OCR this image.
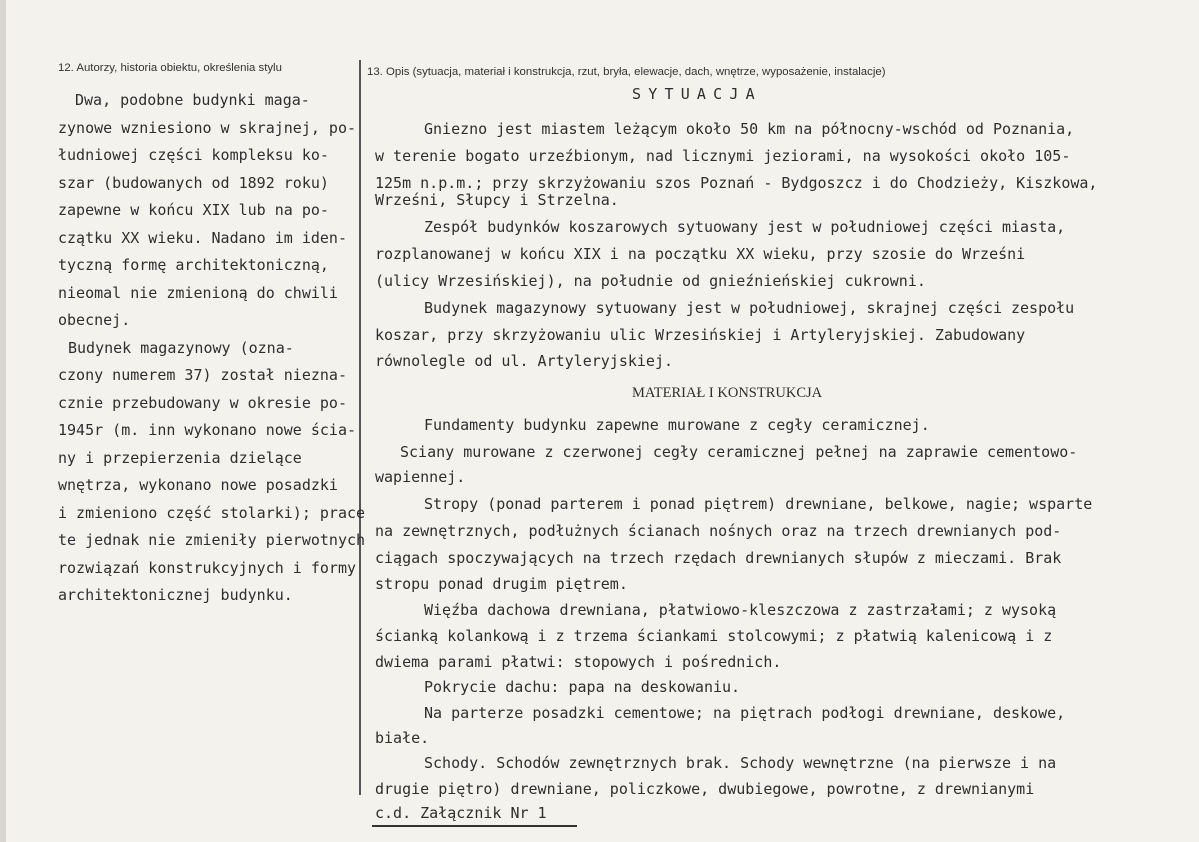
12. Autorzy, historia obiektu, określenia stylu
Dwa, podobne budynki maga-
zynowe wzniesiono w skrajnej, po-
łudniowej części kompleksu ko-
szar (budowanych od 1892 roku)
zapewne w końcu XIX lub na po-
czątku XX wieku. Nadano im iden-
tyczną formę architektoniczną,
nieomal nie zmienioną do chwili
obecnej.
Budynek magazynowy (ozna-
czony numerem 37) został niezna-
cznie przebudowany w okresie po-
1945r (m. inn wykonano nowe ścia-
ny i przepierzenia dzielące
wnętrza, wykonano nowe posadzki
i zmieniono część stolarki); prace
te jednak nie zmieniły pierwotnych
rozwiązań konstrukcyjnych i formy
architektonicznej budynku.
13. Opis (sytuacja, materiał i konstrukcja, rzut, bryła, elewacje, dach, wnętrze, wyposażenie, instalacje)
SYTUACJA
Gniezno jest miastem leżącym około 50 km na północny-wschód od Poznania,
w terenie bogato urzeźbionym, nad licznymi jeziorami, na wysokości około 105-
125m n.p.m.; przy skrzyżowaniu szos Poznań - Bydgoszcz i do Chodzieży, Kiszkowa,
Wrześni, Słupcy i Strzelna.
Zespół budynków koszarowych sytuowany jest w południowej części miasta,
rozplanowanej w końcu XIX i na początku XX wieku, przy szosie do Wrześni
(ulicy Wrzesińskiej), na południe od gnieźnieńskiej cukrowni.
Budynek magazynowy sytuowany jest w południowej, skrajnej części zespołu
koszar, przy skrzyżowaniu ulic Wrzesińskiej i Artyleryjskiej. Zabudowany
równolegle od ul. Artyleryjskiej.
MATERIAŁ I KONSTRUKCJA
Fundamenty budynku zapewne murowane z cegły ceramicznej.
Sciany murowane z czerwonej cegły ceramicznej pełnej na zaprawie cementowo-
wapiennej.
Stropy (ponad parterem i ponad piętrem) drewniane, belkowe, nagie; wsparte
na zewnętrznych, podłużnych ścianach nośnych oraz na trzech drewnianych pod-
ciągach spoczywających na trzech rzędach drewnianych słupów z mieczami. Brak
stropu ponad drugim piętrem.
Więźba dachowa drewniana, płatwiowo-kleszczowa z zastrzałami; z wysoką
ścianką kolankową i z trzema ściankami stolcowymi; z płatwią kalenicową i z
dwiema parami płatwi: stopowych i pośrednich.
Pokrycie dachu: papa na deskowaniu.
Na parterze posadzki cementowe; na piętrach podłogi drewniane, deskowe,
białe.
Schody. Schodów zewnętrznych brak. Schody wewnętrzne (na pierwsze i na
drugie piętro) drewniane, policzkowe, dwubiegowe, powrotne, z drewnianymi
c.d. Załącznik Nr 1
